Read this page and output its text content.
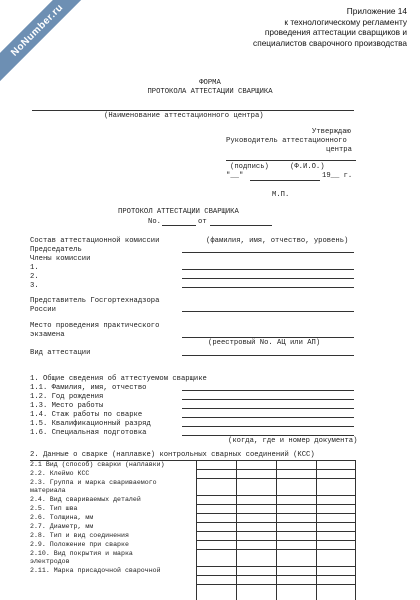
NoNumber.ru	Приложение 14
к технологическому регламенту
проведения аттестации сварщиков и
специалистов сварочного производства
ФОРМА
ПРОТОКОЛА АТТЕСТАЦИИ СВАРЩИКА
(Наименование аттестационного центра)
Утверждаю
Руководитель аттестационного
центра
(подпись)	(Ф.И.О.)
"__"	19__ г.
М.П.
ПРОТОКОЛ АТТЕСТАЦИИ СВАРЩИКА
No.	от
Состав аттестационной комиссии	(фамилия, имя, отчество, уровень)
Председатель
Члены комиссии
1.
2.
3.
Представитель Госгортехнадзора
России
Место проведения практического
экзамена
(реестровый No. АЦ или АП)
Вид аттестации
1. Общие сведения об аттестуемом сварщике
1.1. Фамилия, имя, отчество
1.2. Год рождения
1.3. Место работы
1.4. Стаж работы по сварке
1.5. Квалификационный разряд
1.6. Специальная подготовка
(когда, где и номер документа)
2. Данные о сварке (наплавке) контрольных сварных соединений (КСС)
2.1 Вид (способ) сварки (наплавки)
2.2. Клеймо КСС
2.3. Группа и марка свариваемого
материала
2.4. Вид свариваемых деталей
2.5. Тип шва
2.6. Толщина, мм
2.7. Диаметр, мм
2.8. Тип и вид соединения
2.9. Положение при сварке
2.10. Вид покрытия и марка
электродов
2.11. Марка присадочной сварочной
